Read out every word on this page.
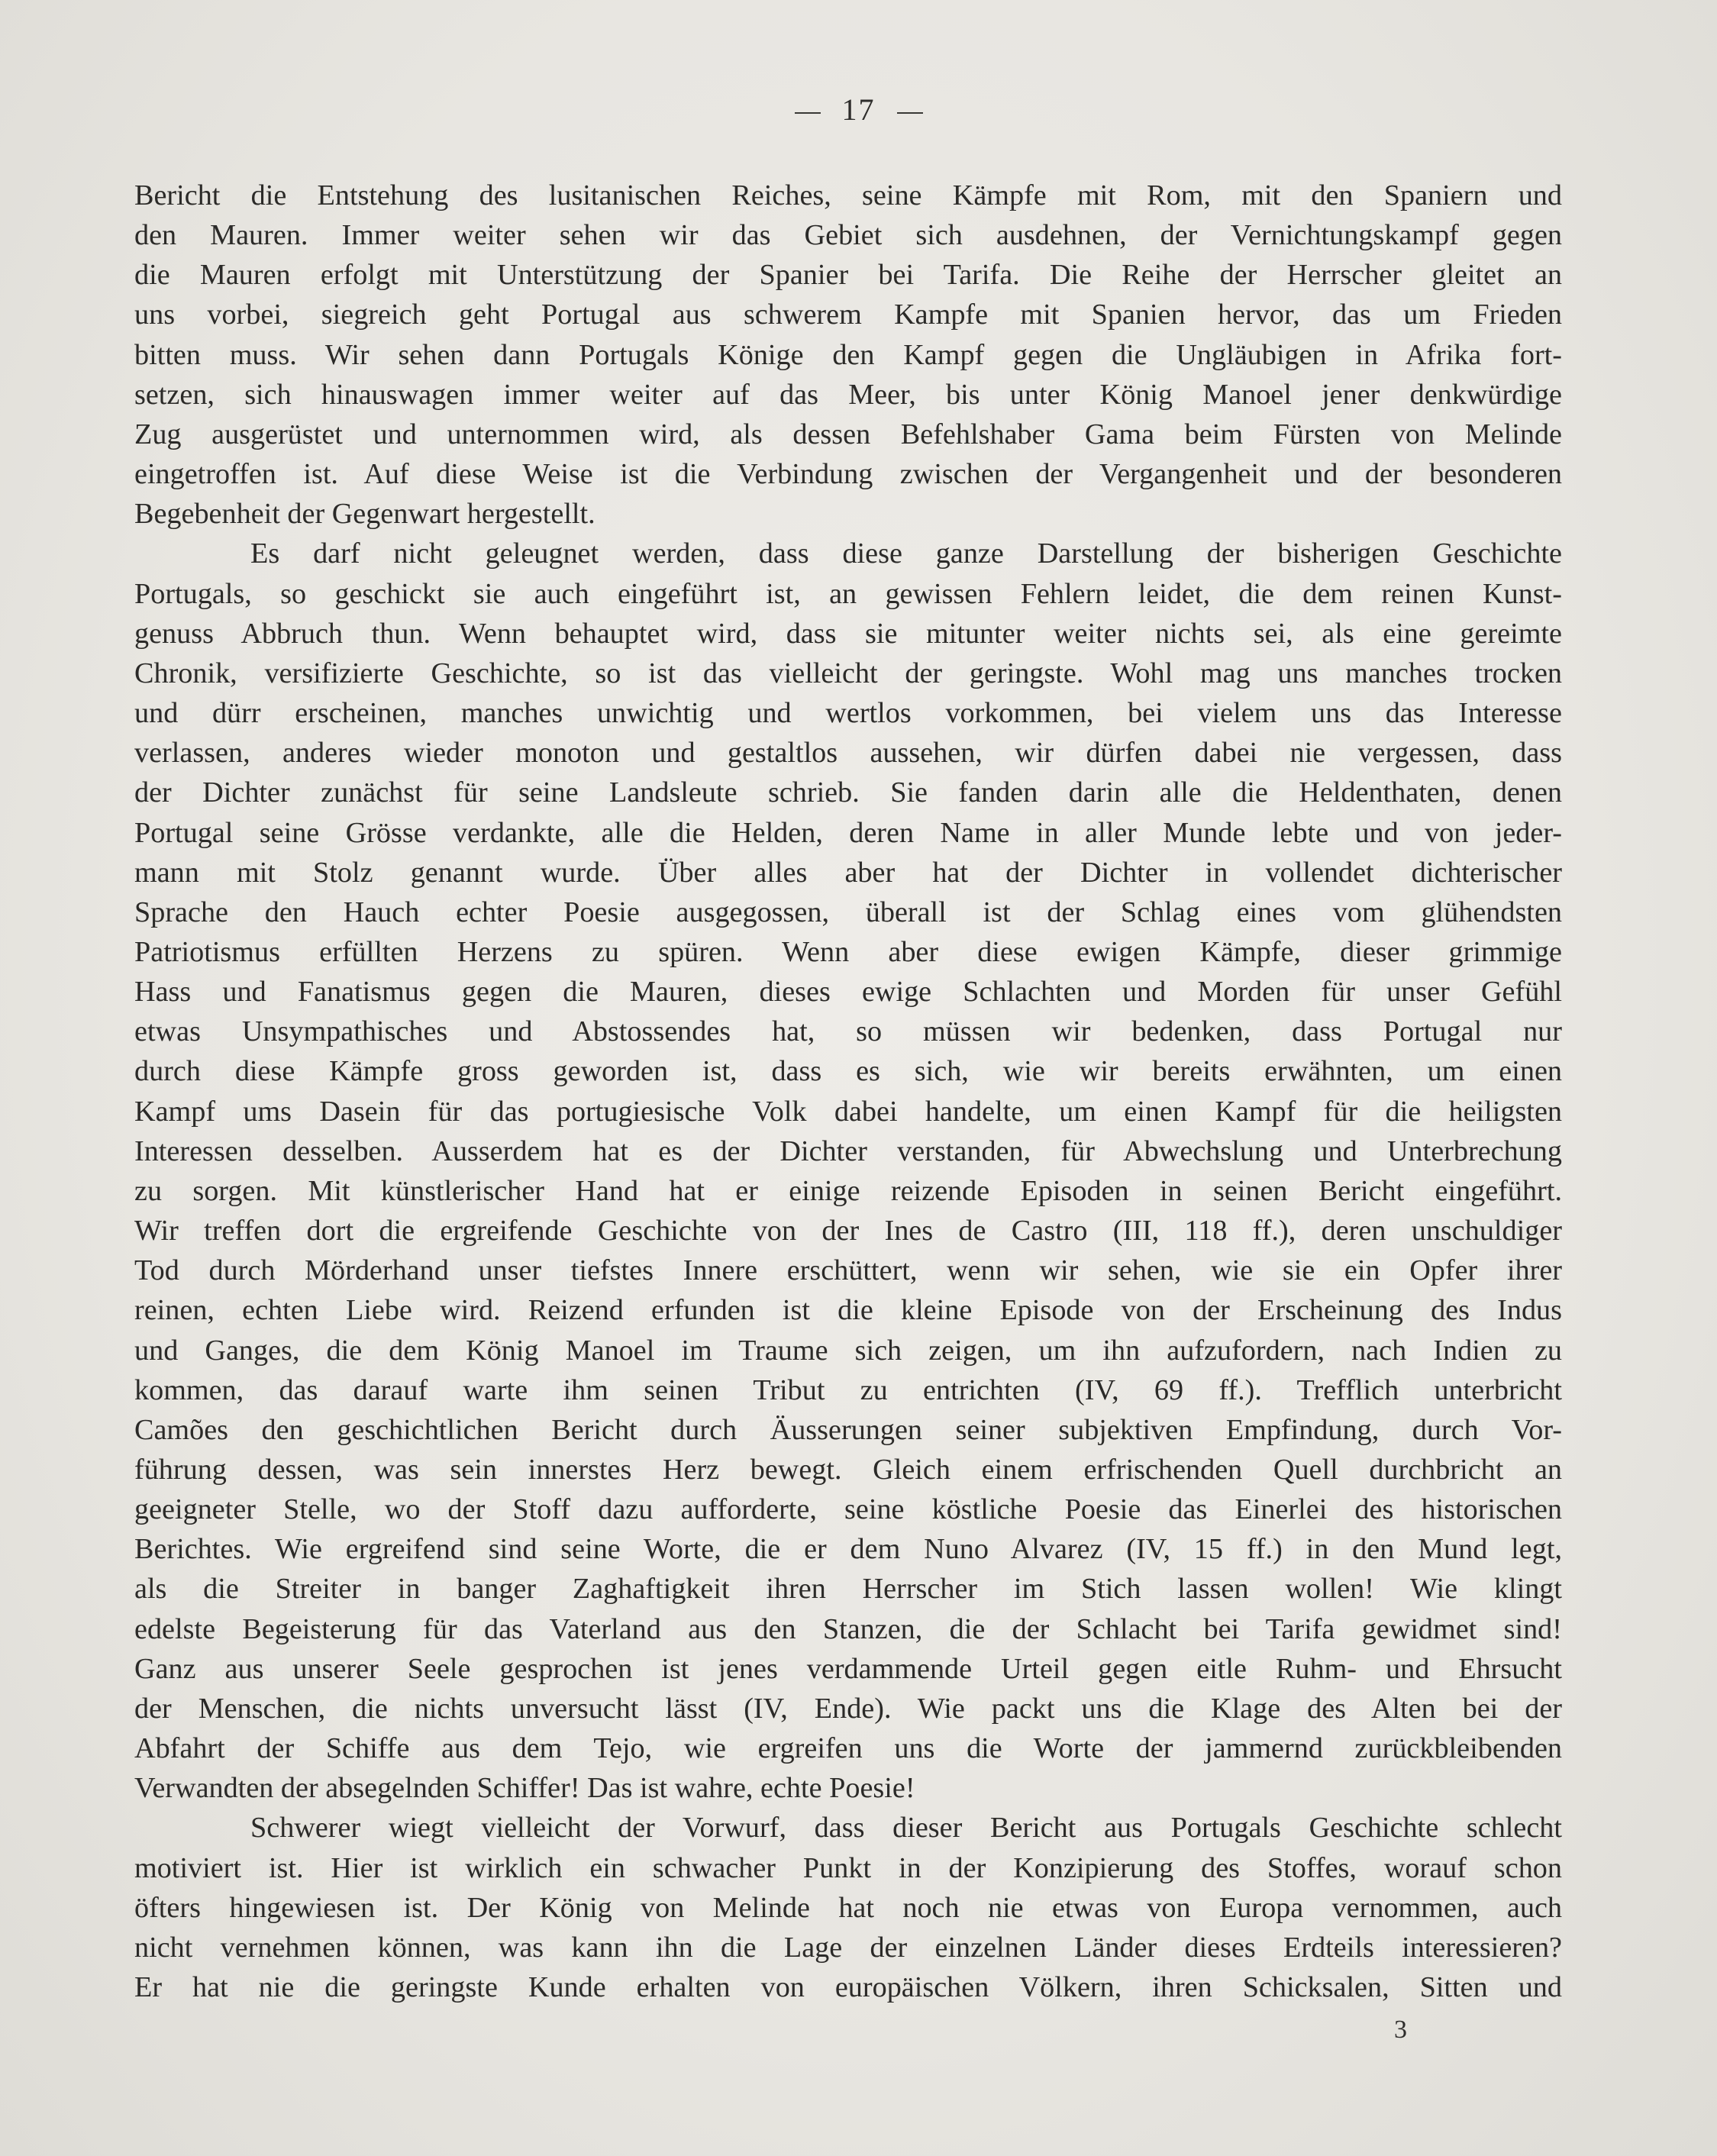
17

Bericht die Entstehung des lusitanischen Reiches, seine Kämpfe mit Rom, mit den Spaniern und
den Mauren. Immer weiter sehen wir das Gebiet sich ausdehnen, der Vernichtungskampf gegen
die Mauren erfolgt mit Unterstützung der Spanier bei Tarifa. Die Reihe der Herrscher gleitet an
uns vorbei, siegreich geht Portugal aus schwerem Kampfe mit Spanien hervor, das um Frieden
bitten muss. Wir sehen dann Portugals Könige den Kampf gegen die Ungläubigen in Afrika fort-
setzen, sich hinauswagen immer weiter auf das Meer, bis unter König Manoel jener denkwürdige
Zug ausgerüstet und unternommen wird, als dessen Befehlshaber Gama beim Fürsten von Melinde
eingetroffen ist. Auf diese Weise ist die Verbindung zwischen der Vergangenheit und der besonderen
Begebenheit der Gegenwart hergestellt.

Es darf nicht geleugnet werden, dass diese ganze Darstellung der bisherigen Geschichte
Portugals, so geschickt sie auch eingeführt ist, an gewissen Fehlern leidet, die dem reinen Kunst-
genuss Abbruch thun. Wenn behauptet wird, dass sie mitunter weiter nichts sei, als eine gereimte
Chronik, versifizierte Geschichte, so ist das vielleicht der geringste. Wohl mag uns manches trocken
und dürr erscheinen, manches unwichtig und wertlos vorkommen, bei vielem uns das Interesse
verlassen, anderes wieder monoton und gestaltlos aussehen, wir dürfen dabei nie vergessen, dass
der Dichter zunächst für seine Landsleute schrieb. Sie fanden darin alle die Heldenthaten, denen
Portugal seine Grösse verdankte, alle die Helden, deren Name in aller Munde lebte und von jeder-
mann mit Stolz genannt wurde. Über alles aber hat der Dichter in vollendet dichterischer
Sprache den Hauch echter Poesie ausgegossen, überall ist der Schlag eines vom glühendsten
Patriotismus erfüllten Herzens zu spüren. Wenn aber diese ewigen Kämpfe, dieser grimmige
Hass und Fanatismus gegen die Mauren, dieses ewige Schlachten und Morden für unser Gefühl
etwas Unsympathisches und Abstossendes hat, so müssen wir bedenken, dass Portugal nur
durch diese Kämpfe gross geworden ist, dass es sich, wie wir bereits erwähnten, um einen
Kampf ums Dasein für das portugiesische Volk dabei handelte, um einen Kampf für die heiligsten
Interessen desselben. Ausserdem hat es der Dichter verstanden, für Abwechslung und Unterbrechung
zu sorgen. Mit künstlerischer Hand hat er einige reizende Episoden in seinen Bericht eingeführt.
Wir treffen dort die ergreifende Geschichte von der Ines de Castro (III, 118 ff.), deren unschuldiger
Tod durch Mörderhand unser tiefstes Innere erschüttert, wenn wir sehen, wie sie ein Opfer ihrer
reinen, echten Liebe wird. Reizend erfunden ist die kleine Episode von der Erscheinung des Indus
und Ganges, die dem König Manoel im Traume sich zeigen, um ihn aufzufordern, nach Indien zu
kommen, das darauf warte ihm seinen Tribut zu entrichten (IV, 69 ff.). Trefflich unterbricht
Camões den geschichtlichen Bericht durch Äusserungen seiner subjektiven Empfindung, durch Vor-
führung dessen, was sein innerstes Herz bewegt. Gleich einem erfrischenden Quell durchbricht an
geeigneter Stelle, wo der Stoff dazu aufforderte, seine köstliche Poesie das Einerlei des historischen
Berichtes. Wie ergreifend sind seine Worte, die er dem Nuno Alvarez (IV, 15 ff.) in den Mund legt,
als die Streiter in banger Zaghaftigkeit ihren Herrscher im Stich lassen wollen! Wie klingt
edelste Begeisterung für das Vaterland aus den Stanzen, die der Schlacht bei Tarifa gewidmet sind!
Ganz aus unserer Seele gesprochen ist jenes verdammende Urteil gegen eitle Ruhm- und Ehrsucht
der Menschen, die nichts unversucht lässt (IV, Ende). Wie packt uns die Klage des Alten bei der
Abfahrt der Schiffe aus dem Tejo, wie ergreifen uns die Worte der jammernd zurückbleibenden
Verwandten der absegelnden Schiffer! Das ist wahre, echte Poesie!

Schwerer wiegt vielleicht der Vorwurf, dass dieser Bericht aus Portugals Geschichte schlecht
motiviert ist. Hier ist wirklich ein schwacher Punkt in der Konzipierung des Stoffes, worauf schon
öfters hingewiesen ist. Der König von Melinde hat noch nie etwas von Europa vernommen, auch
nicht vernehmen können, was kann ihn die Lage der einzelnen Länder dieses Erdteils interessieren?
Er hat nie die geringste Kunde erhalten von europäischen Völkern, ihren Schicksalen, Sitten und

3
